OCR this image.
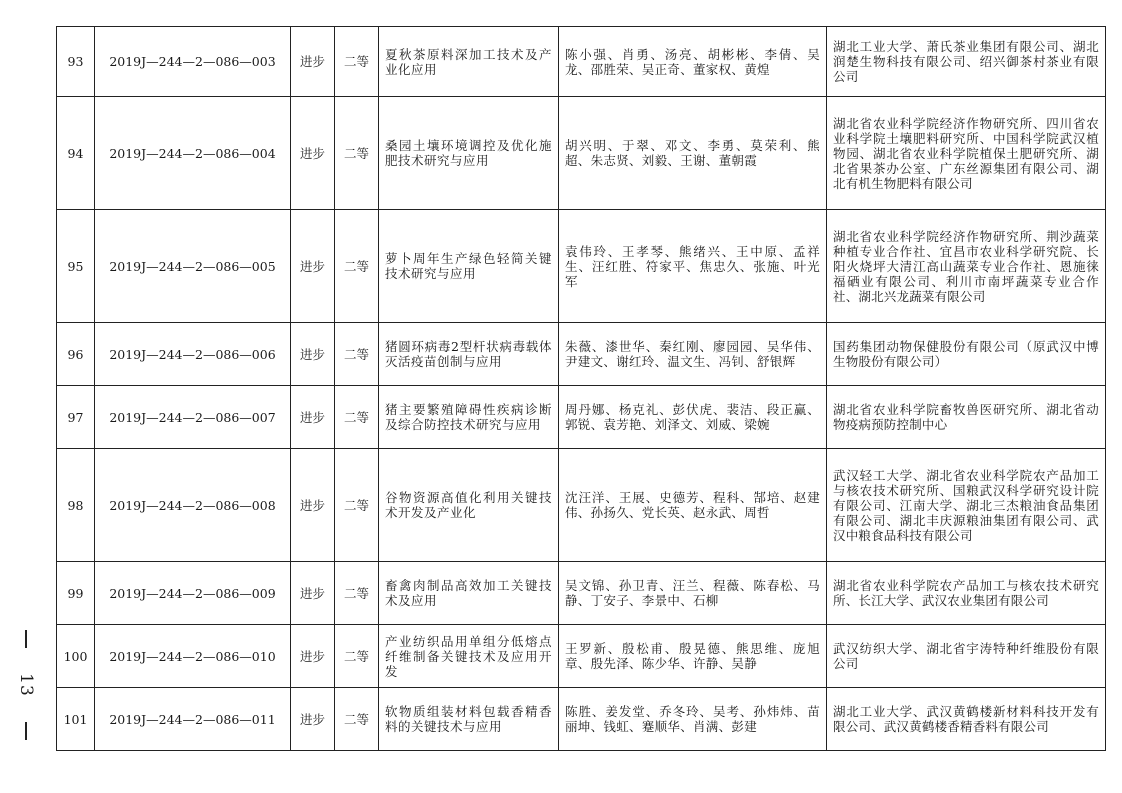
93	2019J—244—2—086—003	进步	二等	夏秋茶原料深加工技术及产业化应用	陈小强、肖勇、汤亮、胡彬彬、李倩、吴龙、邵胜荣、吴正奇、董家权、黄煌	湖北工业大学、萧氏茶业集团有限公司、湖北润楚生物科技有限公司、绍兴御茶村茶业有限公司
94	2019J—244—2—086—004	进步	二等	桑园土壤环境调控及优化施肥技术研究与应用	胡兴明、于翠、邓文、李勇、莫荣利、熊超、朱志贤、刘毅、王谢、董朝霞	湖北省农业科学院经济作物研究所、四川省农业科学院土壤肥料研究所、中国科学院武汉植物园、湖北省农业科学院植保土肥研究所、湖北省果茶办公室、广东丝源集团有限公司、湖北有机生物肥料有限公司
95	2019J—244—2—086—005	进步	二等	萝卜周年生产绿色轻简关键技术研究与应用	袁伟玲、王孝琴、熊绪兴、王中原、孟祥生、汪红胜、符家平、焦忠久、张施、叶光军	湖北省农业科学院经济作物研究所、荆沙蔬菜种植专业合作社、宜昌市农业科学研究院、长阳火烧坪大清江高山蔬菜专业合作社、恩施徕福硒业有限公司、利川市南坪蔬菜专业合作社、湖北兴龙蔬菜有限公司
96	2019J—244—2—086—006	进步	二等	猪圆环病毒2型杆状病毒载体灭活疫苗创制与应用	朱薇、漆世华、秦红刚、廖园园、吴华伟、尹建文、谢红玲、温文生、冯钊、舒银辉	国药集团动物保健股份有限公司（原武汉中博生物股份有限公司）
97	2019J—244—2—086—007	进步	二等	猪主要繁殖障碍性疾病诊断及综合防控技术研究与应用	周丹娜、杨克礼、彭伏虎、裴洁、段正赢、郭锐、袁芳艳、刘泽文、刘威、梁婉	湖北省农业科学院畜牧兽医研究所、湖北省动物疫病预防控制中心
98	2019J—244—2—086—008	进步	二等	谷物资源高值化利用关键技术开发及产业化	沈汪洋、王展、史德芳、程科、郜培、赵建伟、孙扬久、党长英、赵永武、周哲	武汉轻工大学、湖北省农业科学院农产品加工与核农技术研究所、国粮武汉科学研究设计院有限公司、江南大学、湖北三杰粮油食品集团有限公司、湖北丰庆源粮油集团有限公司、武汉中粮食品科技有限公司
99	2019J—244—2—086—009	进步	二等	畜禽肉制品高效加工关键技术及应用	吴文锦、孙卫青、汪兰、程薇、陈春松、马静、丁安子、李景中、石柳	湖北省农业科学院农产品加工与核农技术研究所、长江大学、武汉农业集团有限公司
100	2019J—244—2—086—010	进步	二等	产业纺织品用单组分低熔点纤维制备关键技术及应用开发	王罗新、殷松甫、殷晃德、熊思维、庞旭章、殷先泽、陈少华、许静、吴静	武汉纺织大学、湖北省宇涛特种纤维股份有限公司
101	2019J—244—2—086—011	进步	二等	软物质组装材料包载香精香料的关键技术与应用	陈胜、姜发堂、乔冬玲、吴考、孙炜炜、苗丽坤、钱虹、蹇顺华、肖满、彭建	湖北工业大学、武汉黄鹤楼新材料科技开发有限公司、武汉黄鹤楼香精香料有限公司
13
